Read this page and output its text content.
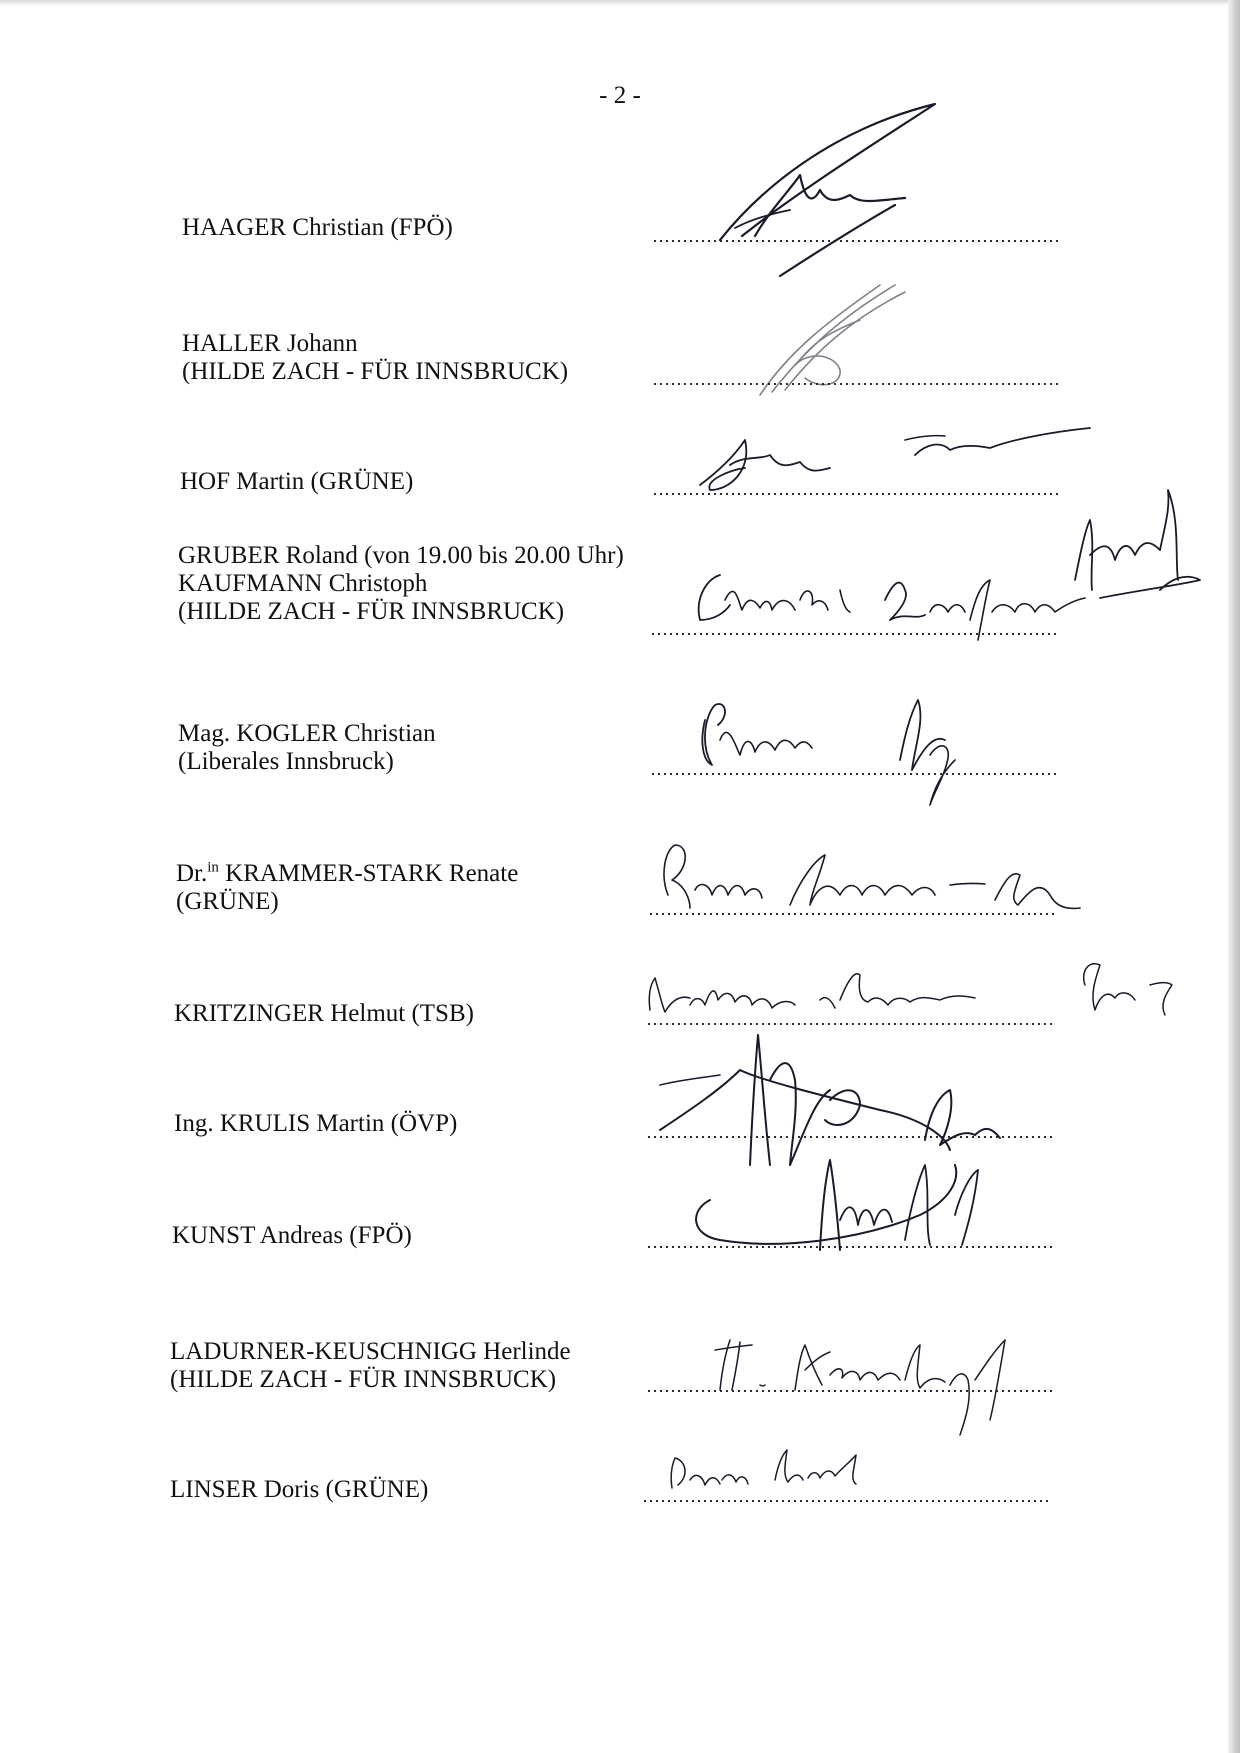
- 2 -
HAAGER Christian (FPÖ)
HALLER Johann
(HILDE ZACH - FÜR INNSBRUCK)
HOF Martin (GRÜNE)
GRUBER Roland (von 19.00 bis 20.00 Uhr)
KAUFMANN Christoph
(HILDE ZACH - FÜR INNSBRUCK)
Mag. KOGLER Christian
(Liberales Innsbruck)
Dr.$^{in}$ KRAMMER-STARK Renate
(GRÜNE)
KRITZINGER Helmut (TSB)
Ing. KRULIS Martin (ÖVP)
KUNST Andreas (FPÖ)
LADURNER-KEUSCHNIGG Herlinde
(HILDE ZACH - FÜR INNSBRUCK)
LINSER Doris (GRÜNE)
